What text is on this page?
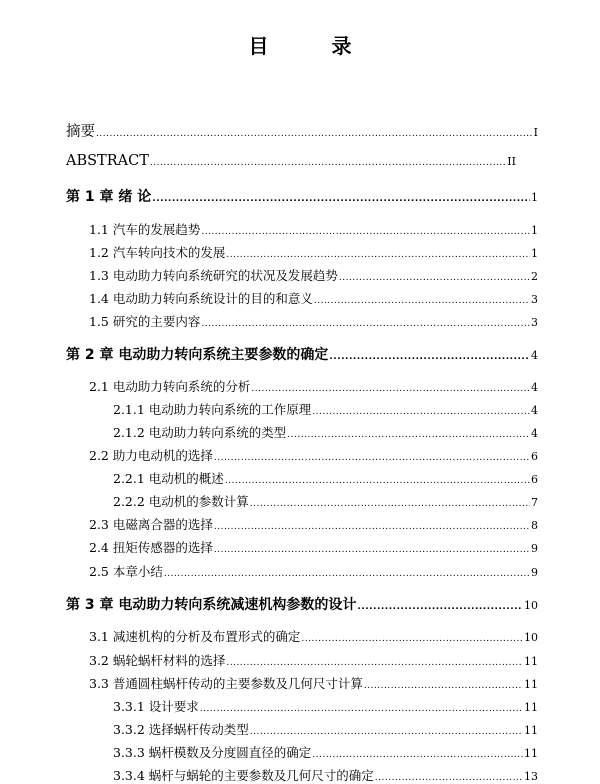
目 录
摘要 .....	I
ABSTRACT .....	II
第 1 章 绪 论 .....	1
1.1 汽车的发展趋势 .....	1
1.2 汽车转向技术的发展 .....	1
1.3 电动助力转向系统研究的状况及发展趋势 .....	2
1.4 电动助力转向系统设计的目的和意义 .....	3
1.5 研究的主要内容 .....	3
第 2 章 电动助力转向系统主要参数的确定 .....	4
2.1 电动助力转向系统的分析 .....	4
2.1.1 电动助力转向系统的工作原理 .....	4
2.1.2 电动助力转向系统的类型 .....	4
2.2 助力电动机的选择 .....	6
2.2.1 电动机的概述 .....	6
2.2.2 电动机的参数计算 .....	7
2.3 电磁离合器的选择 .....	8
2.4 扭矩传感器的选择 .....	9
2.5 本章小结 .....	9
第 3 章 电动助力转向系统减速机构参数的设计 .....	10
3.1 减速机构的分析及布置形式的确定 .....	10
3.2 蜗轮蜗杆材料的选择 .....	11
3.3 普通圆柱蜗杆传动的主要参数及几何尺寸计算 .....	11
3.3.1 设计要求 .....	11
3.3.2 选择蜗杆传动类型 .....	11
3.3.3 蜗杆模数及分度圆直径的确定 .....	11
3.3.4 蜗杆与蜗轮的主要参数及几何尺寸的确定 .....	13
